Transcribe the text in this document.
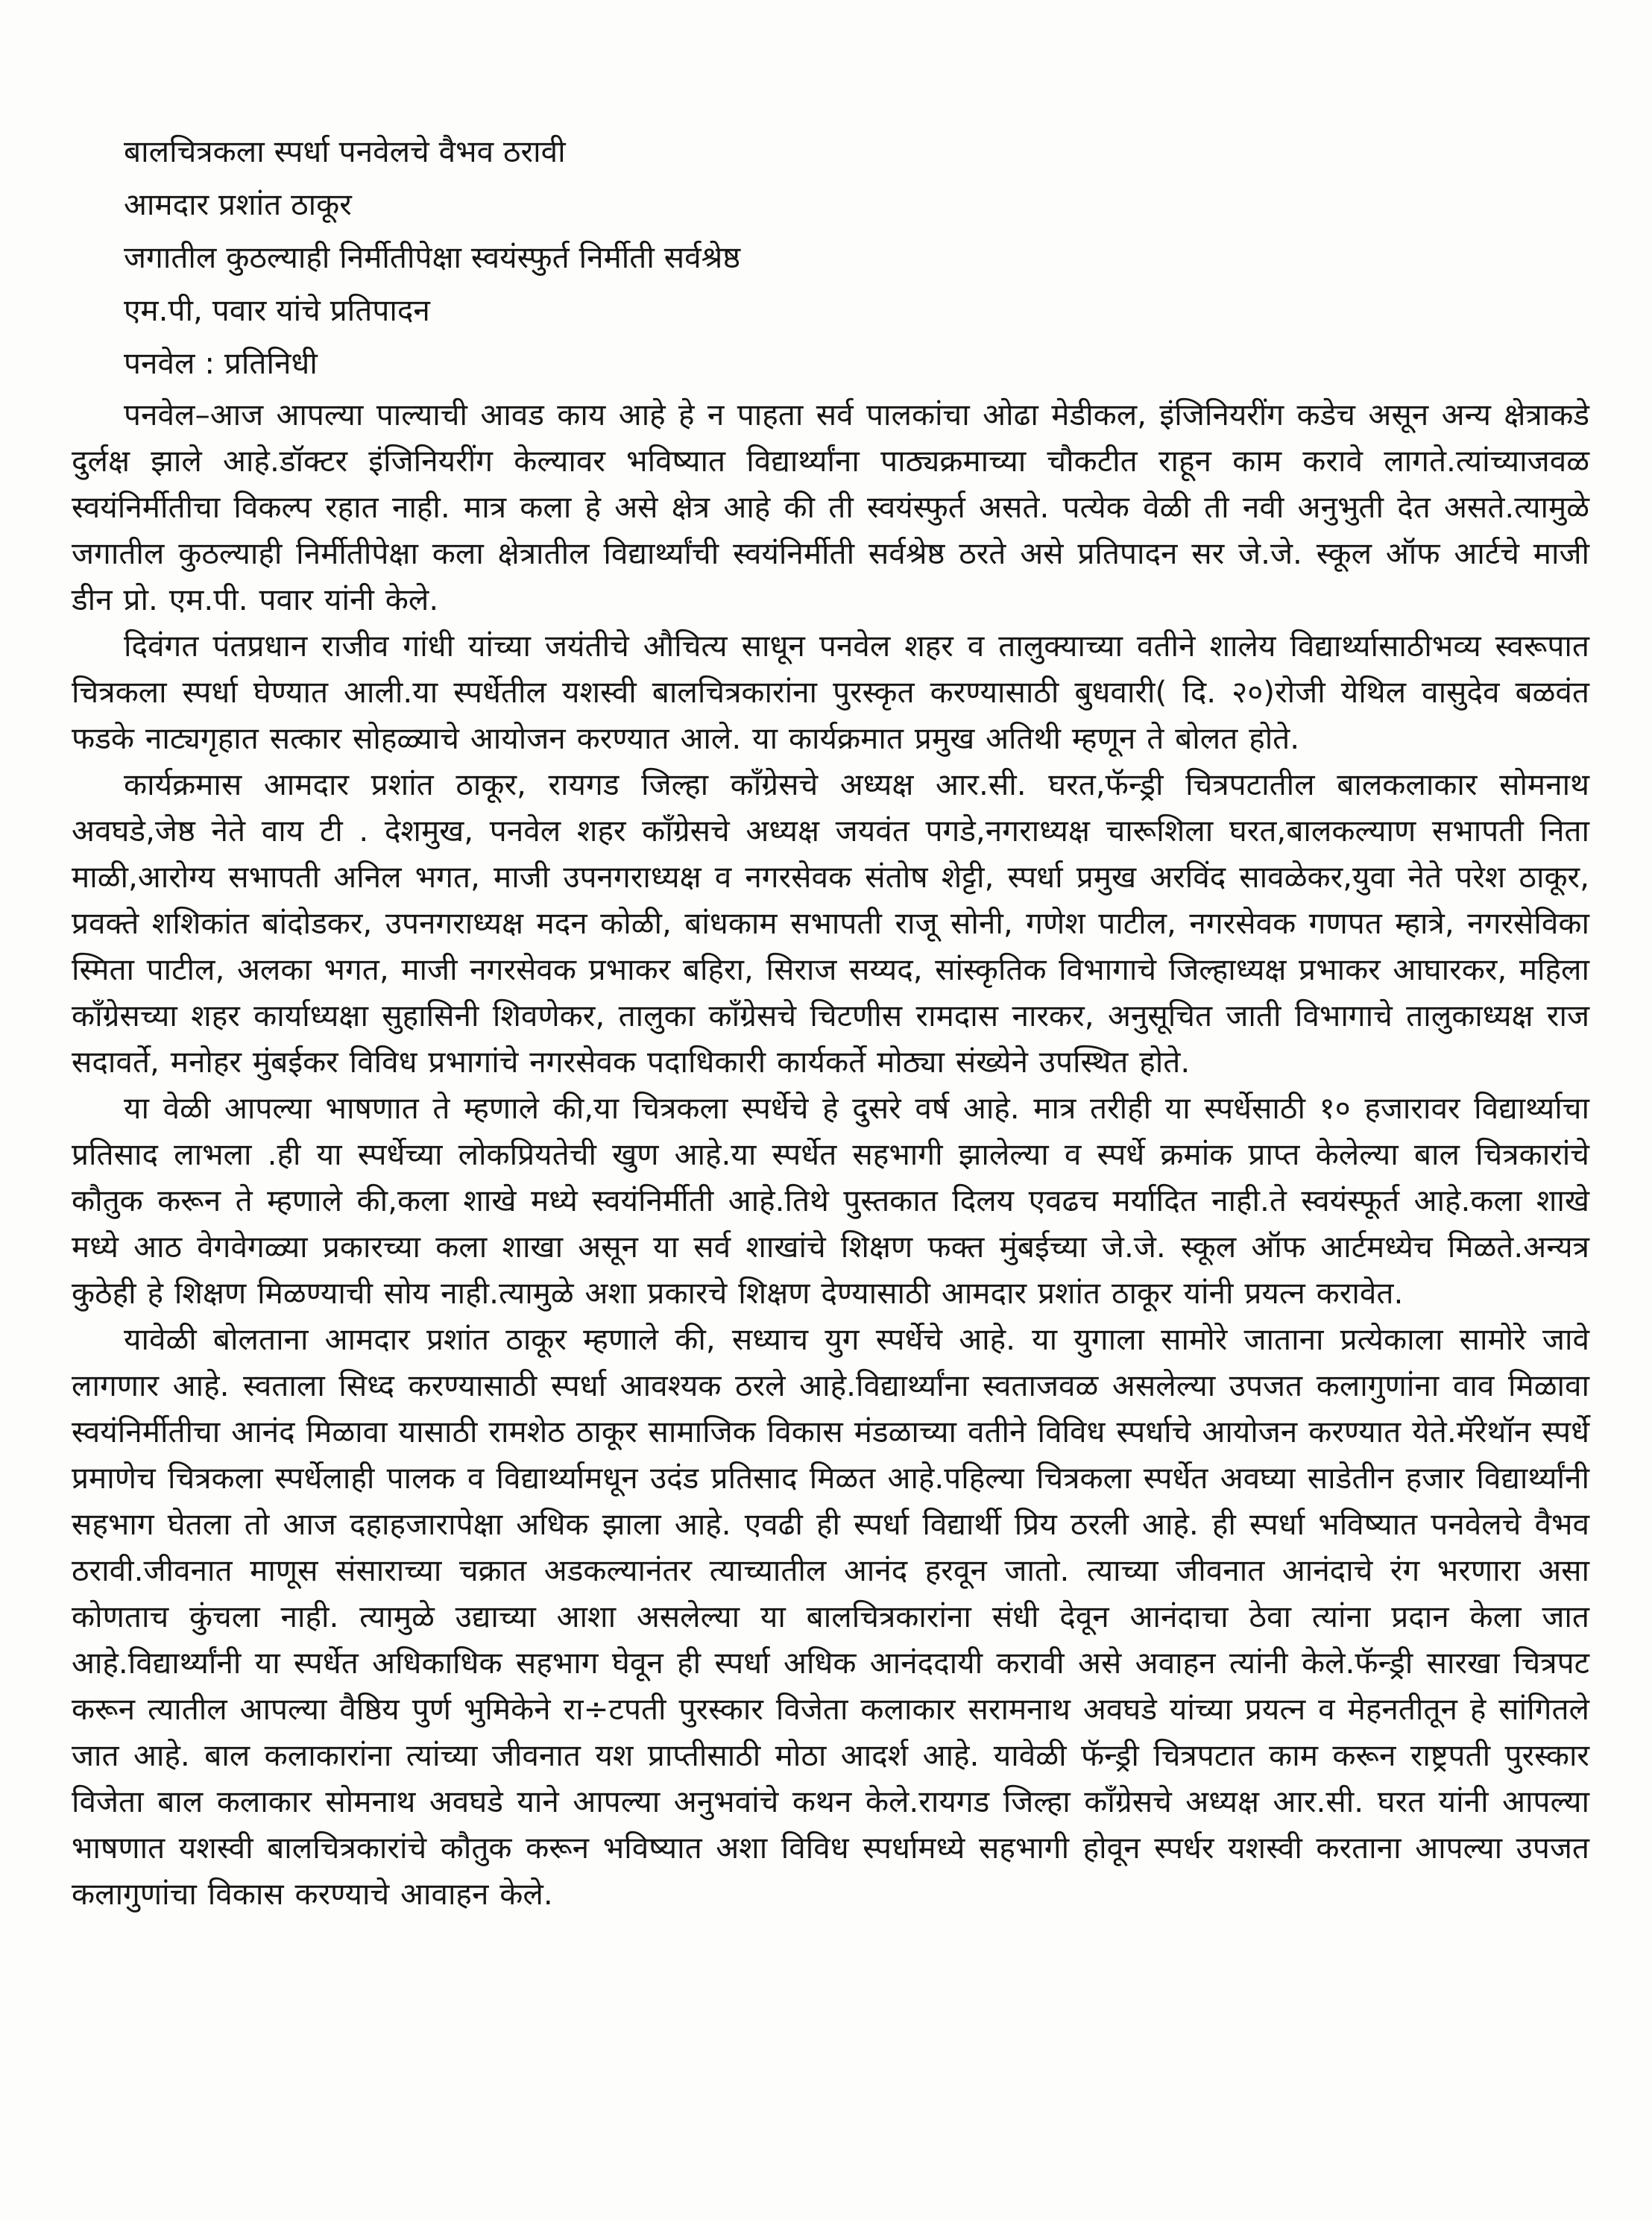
बालचित्रकला स्पर्धा पनवेलचे वैभव ठरावी
आमदार प्रशांत ठाकूर
जगातील कुठल्याही निर्मीतीपेक्षा स्वयंस्फुर्त निर्मीती सर्वश्रेष्ठ
एम.पी, पवार यांचे प्रतिपादन
पनवेल : प्रतिनिधी

पनवेल–आज आपल्या पाल्याची आवड काय आहे हे न पाहता सर्व पालकांचा ओढा मेडीकल, इंजिनियरींग कडेच असून अन्य क्षेत्राकडे दुर्लक्ष झाले आहे.डॉक्टर इंजिनियरींग केल्यावर भविष्यात विद्यार्थ्यांना पाठ्यक्रमाच्या चौकटीत राहून काम करावे लागते.त्यांच्याजवळ स्वयंनिर्मीतीचा विकल्प रहात नाही. मात्र कला हे असे क्षेत्र आहे की ती स्वयंस्फुर्त असते. पत्येक वेळी ती नवी अनुभुती देत असते.त्यामुळे जगातील कुठल्याही निर्मीतीपेक्षा कला क्षेत्रातील विद्यार्थ्यांची स्वयंनिर्मीती सर्वश्रेष्ठ ठरते असे प्रतिपादन सर जे.जे. स्कूल ऑफ आर्टचे माजी डीन प्रो. एम.पी. पवार यांनी केले.

दिवंगत पंतप्रधान राजीव गांधी यांच्या जयंतीचे औचित्य साधून पनवेल शहर व तालुक्याच्या वतीने शालेय विद्यार्थ्यासाठीभव्य स्वरूपात चित्रकला स्पर्धा घेण्यात आली.या स्पर्धेतील यशस्वी बालचित्रकारांना पुरस्कृत करण्यासाठी बुधवारी( दि. २०)रोजी येथिल वासुदेव बळवंत फडके नाट्यगृहात सत्कार सोहळ्याचे आयोजन करण्यात आले. या कार्यक्रमात प्रमुख अतिथी म्हणून ते बोलत होते.

कार्यक्रमास आमदार प्रशांत ठाकूर, रायगड जिल्हा कॉंग्रेसचे अध्यक्ष आर.सी. घरत,फॅन्ड्री चित्रपटातील बालकलाकार सोमनाथ अवघडे,जेष्ठ नेते वाय टी . देशमुख, पनवेल शहर कॉंग्रेसचे अध्यक्ष जयवंत पगडे,नगराध्यक्ष चारूशिला घरत,बालकल्याण सभापती निता माळी,आरोग्य सभापती अनिल भगत, माजी उपनगराध्यक्ष व नगरसेवक संतोष शेट्टी, स्पर्धा प्रमुख अरविंद सावळेकर,युवा नेते परेश ठाकूर, प्रवक्ते शशिकांत बांदोडकर, उपनगराध्यक्ष मदन कोळी, बांधकाम सभापती राजू सोनी, गणेश पाटील, नगरसेवक गणपत म्हात्रे, नगरसेविका स्मिता पाटील, अलका भगत, माजी नगरसेवक प्रभाकर बहिरा, सिराज सय्यद, सांस्कृतिक विभागाचे जिल्हाध्यक्ष प्रभाकर आघारकर, महिला कॉंग्रेसच्या शहर कार्याध्यक्षा सुहासिनी शिवणेकर, तालुका कॉंग्रेसचे चिटणीस रामदास नारकर, अनुसूचित जाती विभागाचे तालुकाध्यक्ष राज सदावर्ते, मनोहर मुंबईकर विविध प्रभागांचे नगरसेवक पदाधिकारी कार्यकर्ते मोठ्या संख्येने उपस्थित होते.

या वेळी आपल्या भाषणात ते म्हणाले की,या चित्रकला स्पर्धेचे हे दुसरे वर्ष आहे. मात्र तरीही या स्पर्धेसाठी १० हजारावर विद्यार्थ्याचा प्रतिसाद लाभला .ही या स्पर्धेच्या लोकप्रियतेची खुण आहे.या स्पर्धेत सहभागी झालेल्या व स्पर्धे क्रमांक प्राप्त केलेल्या बाल चित्रकारांचे कौतुक करून ते म्हणाले की,कला शाखे मध्ये स्वयंनिर्मीती आहे.तिथे पुस्तकात दिलय एवढच मर्यादित नाही.ते स्वयंस्फूर्त आहे.कला शाखे मध्ये आठ वेगवेगळ्या प्रकारच्या कला शाखा असून या सर्व शाखांचे शिक्षण फक्त मुंबईच्या जे.जे. स्कूल ऑफ आर्टमध्येच मिळते.अन्यत्र कुठेही हे शिक्षण मिळण्याची सोय नाही.त्यामुळे अशा प्रकारचे शिक्षण देण्यासाठी आमदार प्रशांत ठाकूर यांनी प्रयत्न करावेत.

यावेळी बोलताना आमदार प्रशांत ठाकूर म्हणाले की, सध्याच युग स्पर्धेचे आहे. या युगाला सामोरे जाताना प्रत्येकाला सामोरे जावे लागणार आहे. स्वताला सिध्द करण्यासाठी स्पर्धा आवश्यक ठरले आहे.विद्यार्थ्यांना स्वताजवळ असलेल्या उपजत कलागुणांना वाव मिळावा स्वयंनिर्मीतीचा आनंद मिळावा यासाठी रामशेठ ठाकूर सामाजिक विकास मंडळाच्या वतीने विविध स्पर्धाचे आयोजन करण्यात येते.मॅरेथॉन स्पर्धे प्रमाणेच चित्रकला स्पर्धेलाही पालक व विद्यार्थ्यामधून उदंड प्रतिसाद मिळत आहे.पहिल्या चित्रकला स्पर्धेत अवघ्या साडेतीन हजार विद्यार्थ्यांनी सहभाग घेतला तो आज दहाहजारापेक्षा अधिक झाला आहे. एवढी ही स्पर्धा विद्यार्थी प्रिय ठरली आहे. ही स्पर्धा भविष्यात पनवेलचे वैभव ठरावी.जीवनात माणूस संसाराच्या चक्रात अडकल्यानंतर त्याच्यातील आनंद हरवून जातो. त्याच्या जीवनात आनंदाचे रंग भरणारा असा कोणताच कुंचला नाही. त्यामुळे उद्याच्या आशा असलेल्या या बालचित्रकारांना संधी देवून आनंदाचा ठेवा त्यांना प्रदान केला जात आहे.विद्यार्थ्यांनी या स्पर्धेत अधिकाधिक सहभाग घेवून ही स्पर्धा अधिक आनंददायी करावी असे अवाहन त्यांनी केले.फॅन्ड्री सारखा चित्रपट करून त्यातील आपल्या वैष्ठिय पुर्ण भुमिकेने रा÷टपती पुरस्कार विजेता कलाकार सरामनाथ अवघडे यांच्या प्रयत्न व मेहनतीतून हे सांगितले जात आहे. बाल कलाकारांना त्यांच्या जीवनात यश प्राप्तीसाठी मोठा आदर्श आहे. यावेळी फॅन्ड्री चित्रपटात काम करून राष्ट्रपती पुरस्कार विजेता बाल कलाकार सोमनाथ अवघडे याने आपल्या अनुभवांचे कथन केले.रायगड जिल्हा कॉंग्रेसचे अध्यक्ष आर.सी. घरत यांनी आपल्या भाषणात यशस्वी बालचित्रकारांचे कौतुक करून भविष्यात अशा विविध स्पर्धामध्ये सहभागी होवून स्पर्धर यशस्वी करताना आपल्या उपजत कलागुणांचा विकास करण्याचे आवाहन केले.
